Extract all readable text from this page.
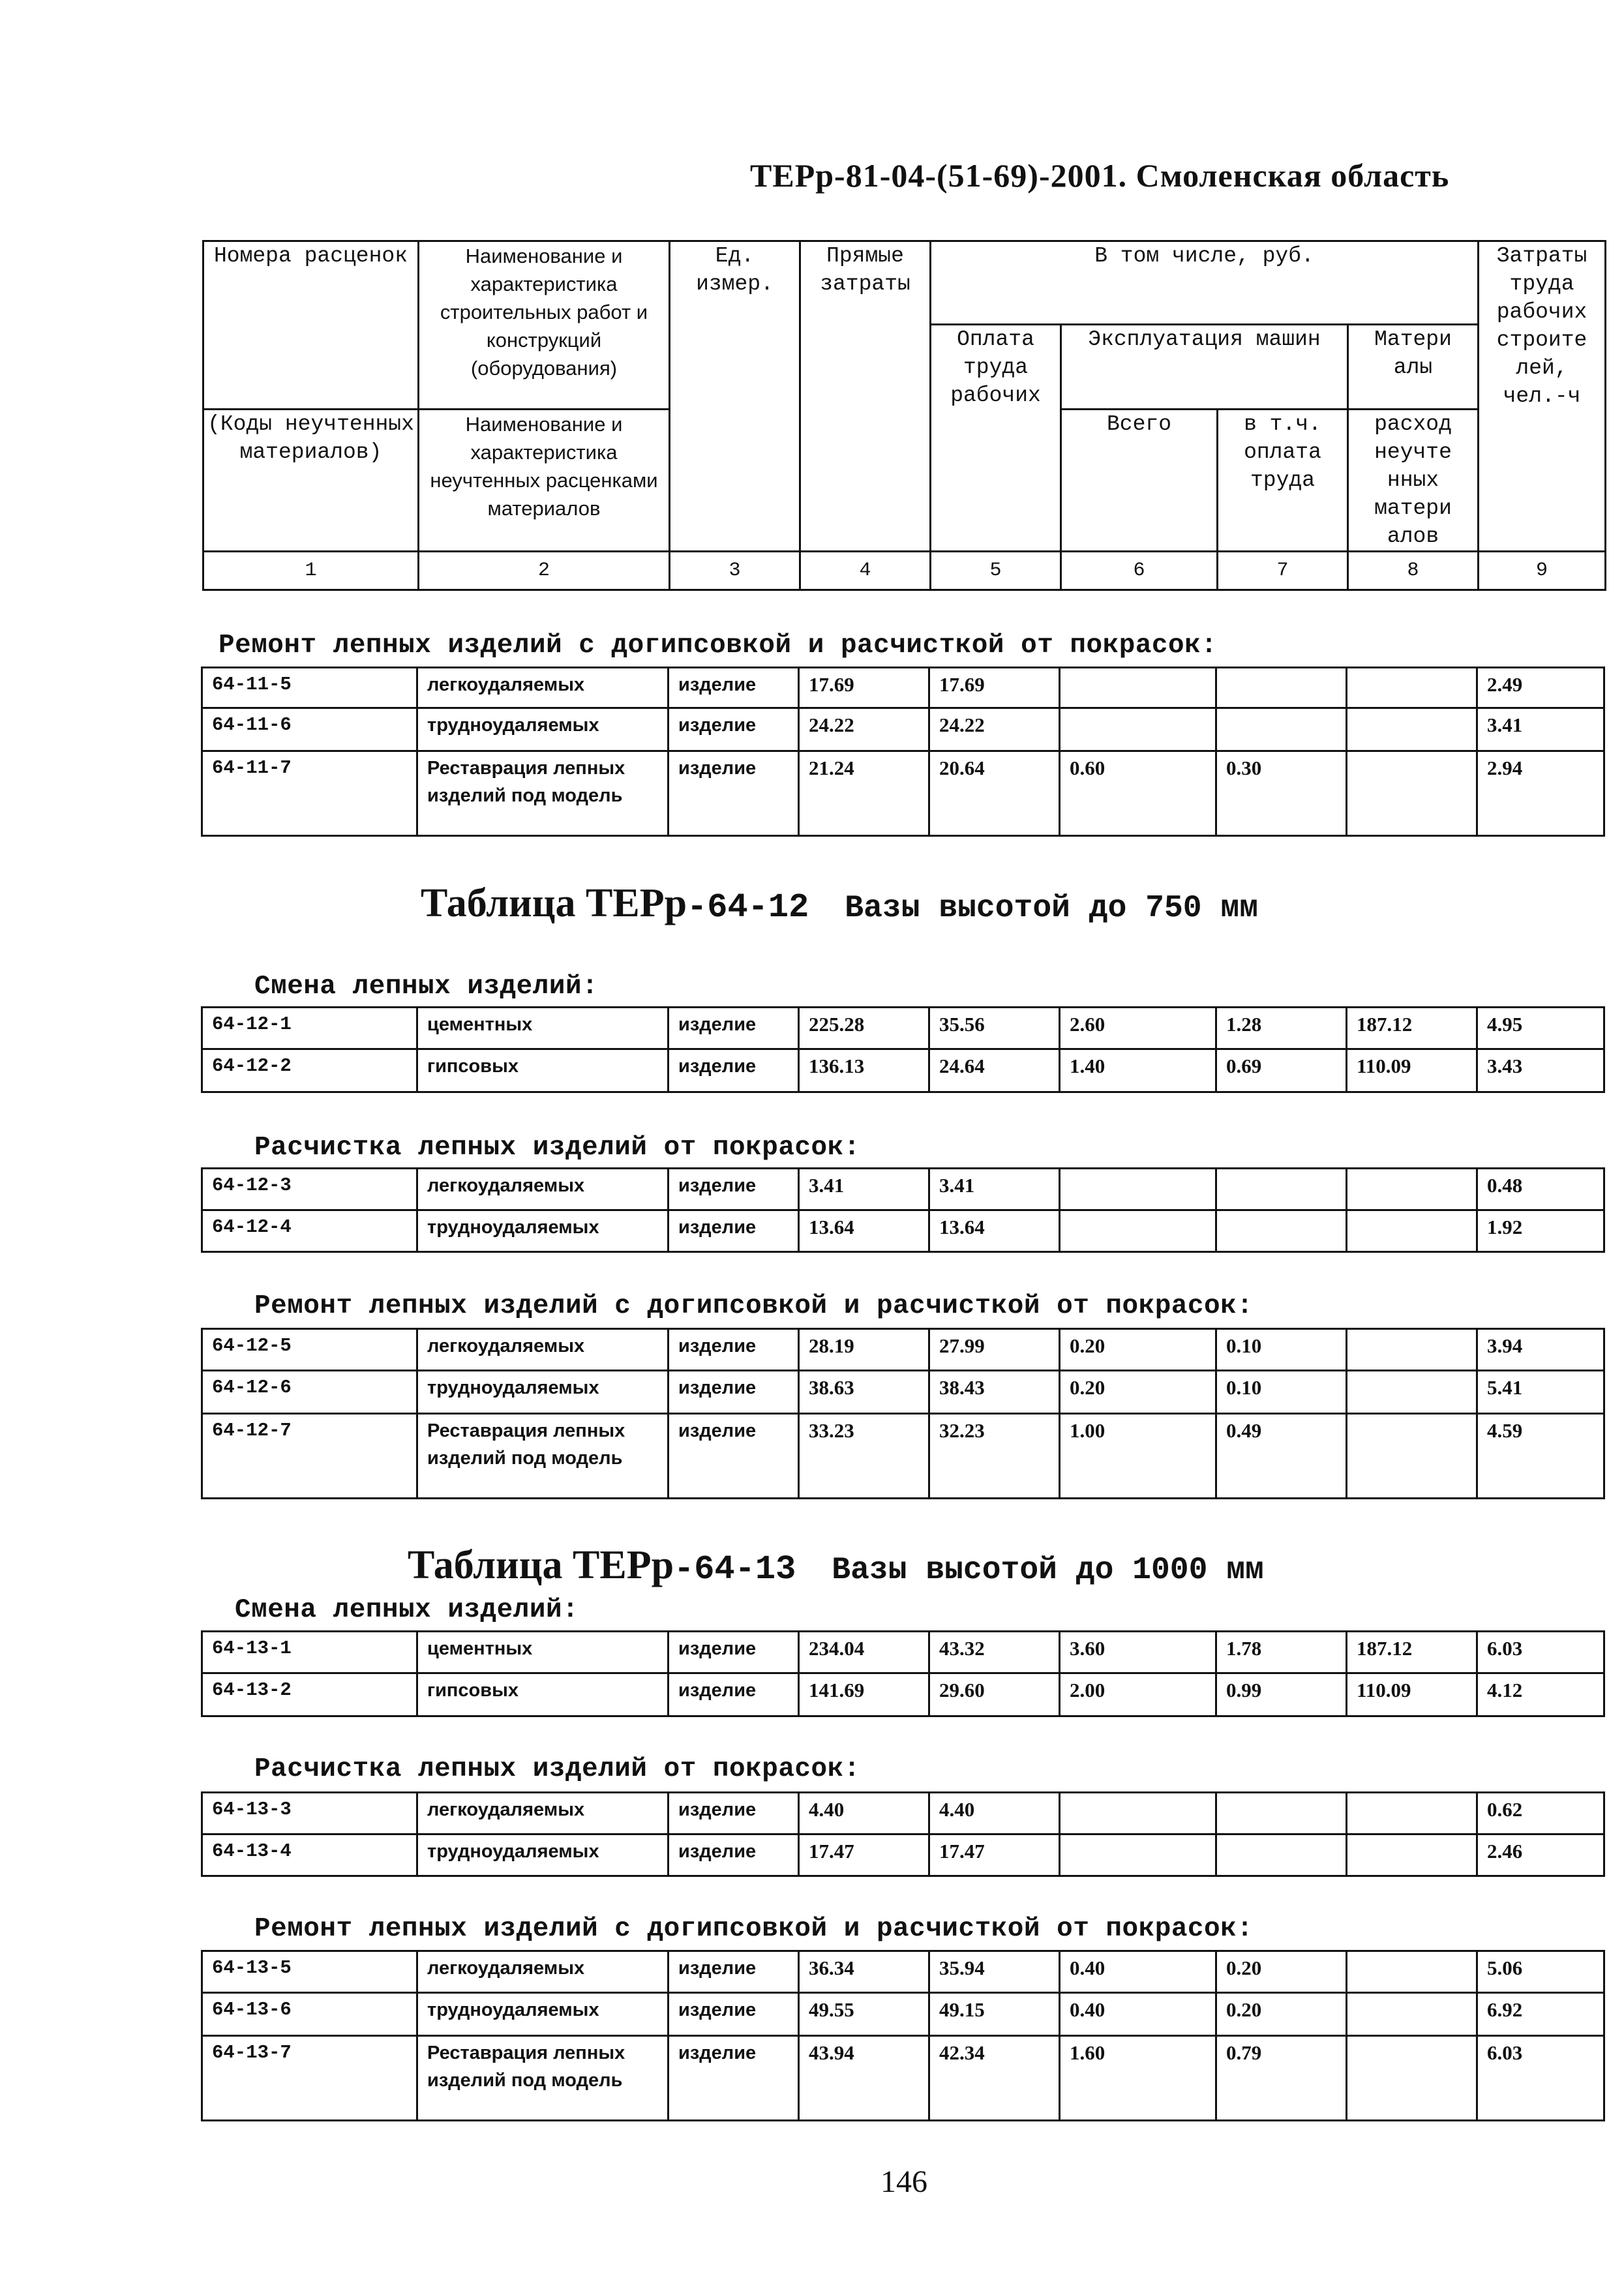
ТЕРр-81-04-(51-69)-2001. Смоленская область
Номера расценок	Наименование и характеристика строительных работ и конструкций (оборудования)	Ед. измер.	Прямые затраты	В том числе, руб.				Затраты труда рабочих строите лей, чел.-ч
				Оплата труда рабочих	Эксплуатация машин		Матери алы	
(Коды неучтенных материалов)	Наименование и характеристика неучтенных расценками материалов				Всего	в т.ч. оплата труда	расход неучте нных матери алов	
1	2	3	4	5	6	7	8	9
Ремонт лепных изделий с догипсовкой и расчисткой от покрасок:
64-11-5	легкоудаляемых	изделие	17.69	17.69				2.49
64-11-6	трудноудаляемых	изделие	24.22	24.22				3.41
64-11-7	Реставрация лепных изделий под модель	изделие	21.24	20.64	0.60	0.30		2.94
Таблица ТЕРр-64-12 Вазы высотой до 750 мм
Смена лепных изделий:
64-12-1	цементных	изделие	225.28	35.56	2.60	1.28	187.12	4.95
64-12-2	гипсовых	изделие	136.13	24.64	1.40	0.69	110.09	3.43
Расчистка лепных изделий от покрасок:
64-12-3	легкоудаляемых	изделие	3.41	3.41				0.48
64-12-4	трудноудаляемых	изделие	13.64	13.64				1.92
Ремонт лепных изделий с догипсовкой и расчисткой от покрасок:
64-12-5	легкоудаляемых	изделие	28.19	27.99	0.20	0.10		3.94
64-12-6	трудноудаляемых	изделие	38.63	38.43	0.20	0.10		5.41
64-12-7	Реставрация лепных изделий под модель	изделие	33.23	32.23	1.00	0.49		4.59
Таблица ТЕРр-64-13 Вазы высотой до 1000 мм
Смена лепных изделий:
64-13-1	цементных	изделие	234.04	43.32	3.60	1.78	187.12	6.03
64-13-2	гипсовых	изделие	141.69	29.60	2.00	0.99	110.09	4.12
Расчистка лепных изделий от покрасок:
64-13-3	легкоудаляемых	изделие	4.40	4.40				0.62
64-13-4	трудноудаляемых	изделие	17.47	17.47				2.46
Ремонт лепных изделий с догипсовкой и расчисткой от покрасок:
64-13-5	легкоудаляемых	изделие	36.34	35.94	0.40	0.20		5.06
64-13-6	трудноудаляемых	изделие	49.55	49.15	0.40	0.20		6.92
64-13-7	Реставрация лепных изделий под модель	изделие	43.94	42.34	1.60	0.79		6.03
146
